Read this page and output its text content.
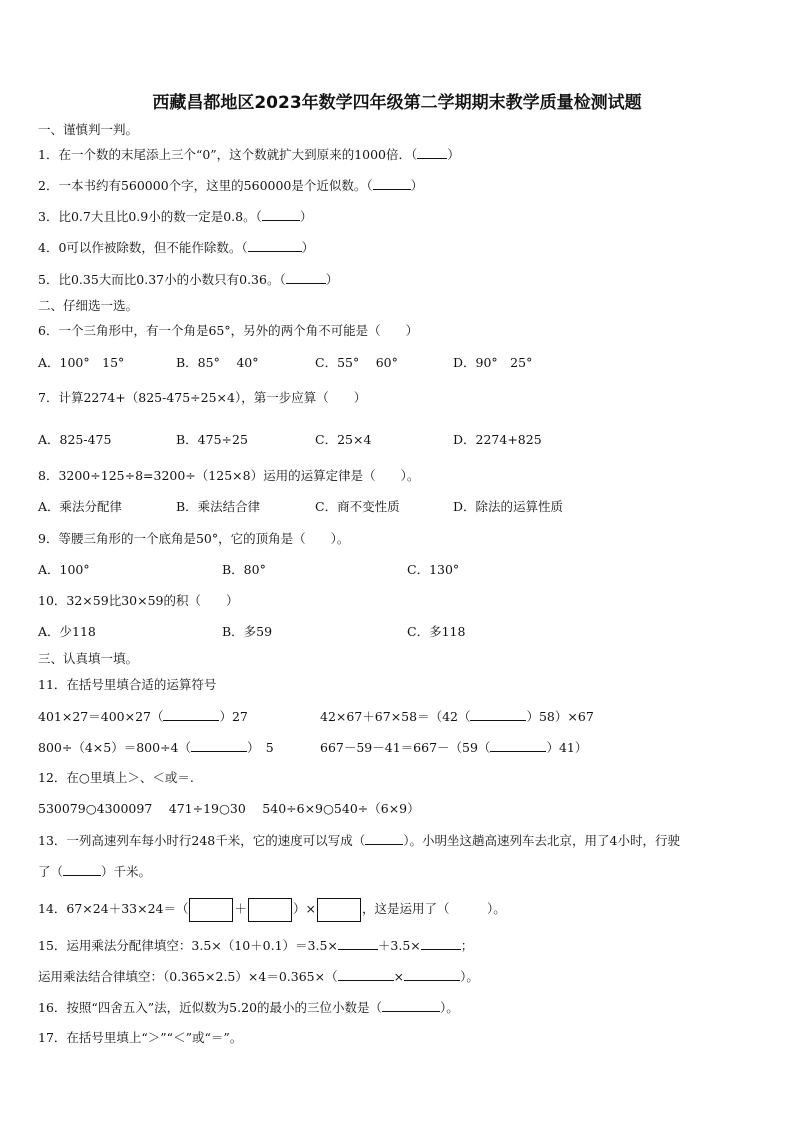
西藏昌都地区2023年数学四年级第二学期期末教学质量检测试题
一、谨慎判一判。
1．在一个数的末尾添上三个“0”，这个数就扩大到原来的1000倍．（ ）
2．一本书约有560000个字，这里的560000是个近似数。（	）
3．比0.7大且比0.9小的数一定是0.8。（	）
4．0可以作被除数，但不能作除数。（	）
5．比0.35大而比0.37小的小数只有0.36。（	）
二、仔细选一选。
6．一个三角形中，有一个角是65°，另外的两个角不可能是（　　）
A．100°　15°	B．85°　 40°	C．55°　 60°	D．90°　25°
7．计算2274+（825-475÷25×4），第一步应算（　　）
A．825-475	B．475÷25	C．25×4	D．2274+825
8．3200÷125÷8=3200÷（125×8）运用的运算定律是（　　）。
A．乘法分配律	B．乘法结合律	C．商不变性质	D．除法的运算性质
9．等腰三角形的一个底角是50°，它的顶角是（　　）。
A．100°	B．80°	C．130°
10．32×59比30×59的积（　　）
A．少118	B．多59	C．多118
三、认真填一填。
11．在括号里填合适的运算符号
401×27＝400×27（	）27	42×67＋67×58＝（42（	）58）×67
800÷（4×5）＝800÷4（	）　5	667－59－41＝667－（59（	）41）
12．在○里填上＞、＜或＝.
530079○4300097　 471÷19○30　 540÷6×9○540÷（6×9）
13．一列高速列车每小时行248千米，它的速度可以写成（	）。小明坐这趟高速列车去北京，用了4小时，行驶
了（	）千米。
14．67×24＋33×24＝（	＋	）×	，这是运用了（　　　）。
15．运用乘法分配律填空：3.5×（10＋0.1）＝3.5×	＋3.5×	；
运用乘法结合律填空：（0.365×2.5）×4＝0.365×（	×	）。
16．按照“四舍五入”法，近似数为5.20的最小的三位小数是（	）。
17．在括号里填上“＞”“＜”或“＝”。
